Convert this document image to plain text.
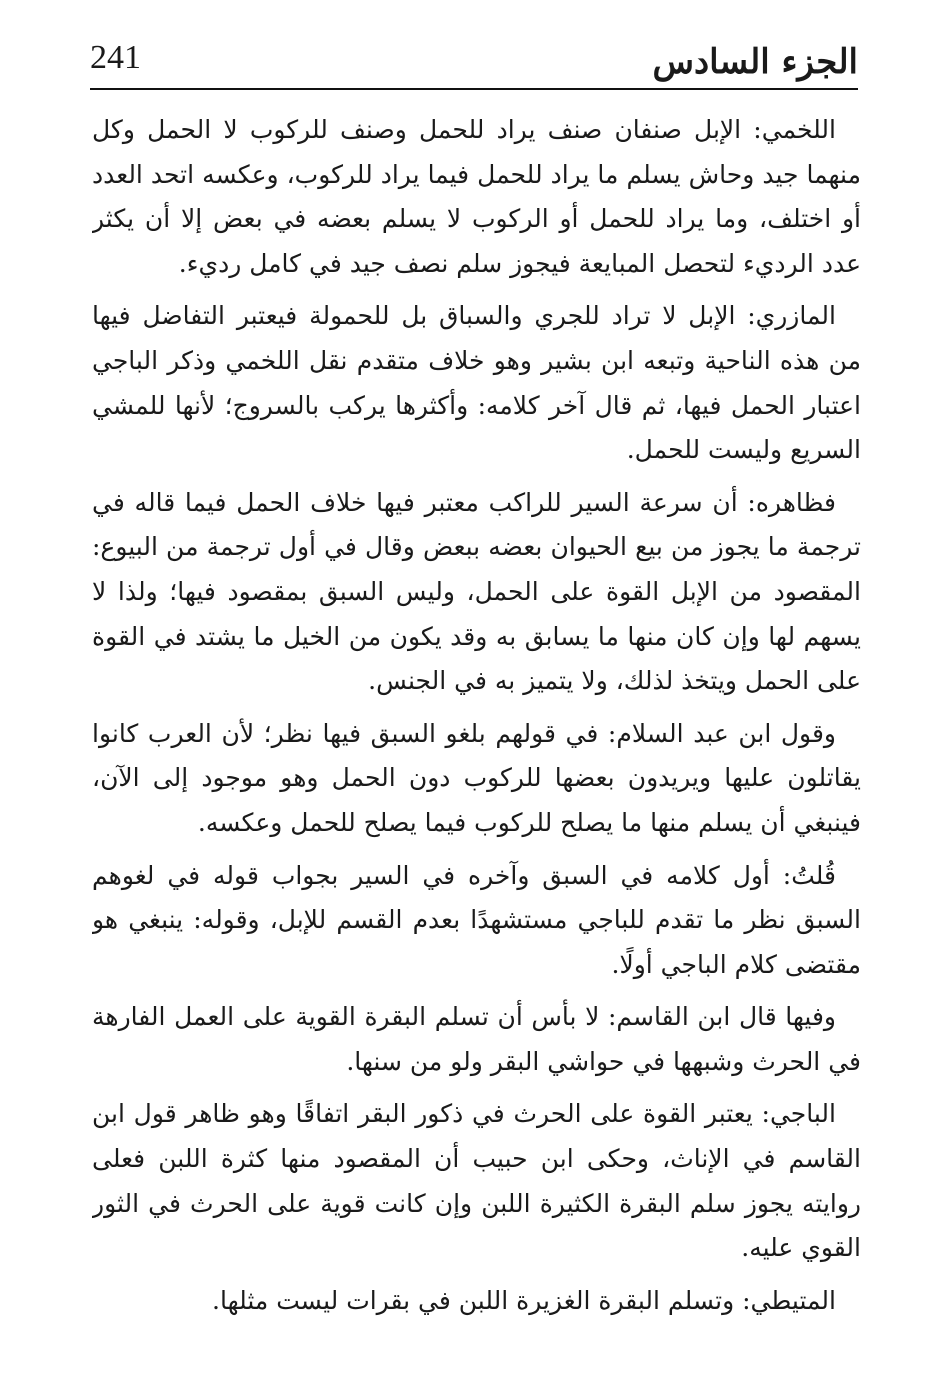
الجزء السادس
241

اللخمي: الإبل صنفان صنف يراد للحمل وصنف للركوب لا الحمل وكل منهما جيد وحاش يسلم ما يراد للحمل فيما يراد للركوب، وعكسه اتحد العدد أو اختلف، وما يراد للحمل أو الركوب لا يسلم بعضه في بعض إلا أن يكثر عدد الرديء لتحصل المبايعة فيجوز سلم نصف جيد في كامل رديء.

المازري: الإبل لا تراد للجري والسباق بل للحمولة فيعتبر التفاضل فيها من هذه الناحية وتبعه ابن بشير وهو خلاف متقدم نقل اللخمي وذكر الباجي اعتبار الحمل فيها، ثم قال آخر كلامه: وأكثرها يركب بالسروج؛ لأنها للمشي السريع وليست للحمل.

فظاهره: أن سرعة السير للراكب معتبر فيها خلاف الحمل فيما قاله في ترجمة ما يجوز من بيع الحيوان بعضه ببعض وقال في أول ترجمة من البيوع: المقصود من الإبل القوة على الحمل، وليس السبق بمقصود فيها؛ ولذا لا يسهم لها وإن كان منها ما يسابق به وقد يكون من الخيل ما يشتد في القوة على الحمل ويتخذ لذلك، ولا يتميز به في الجنس.

وقول ابن عبد السلام: في قولهم بلغو السبق فيها نظر؛ لأن العرب كانوا يقاتلون عليها ويريدون بعضها للركوب دون الحمل وهو موجود إلى الآن، فينبغي أن يسلم منها ما يصلح للركوب فيما يصلح للحمل وعكسه.

قُلتُ: أول كلامه في السبق وآخره في السير بجواب قوله في لغوهم السبق نظر ما تقدم للباجي مستشهدًا بعدم القسم للإبل، وقوله: ينبغي هو مقتضى كلام الباجي أولًا.

وفيها قال ابن القاسم: لا بأس أن تسلم البقرة القوية على العمل الفارهة في الحرث وشبهها في حواشي البقر ولو من سنها.

الباجي: يعتبر القوة على الحرث في ذكور البقر اتفاقًا وهو ظاهر قول ابن القاسم في الإناث، وحكى ابن حبيب أن المقصود منها كثرة اللبن فعلى روايته يجوز سلم البقرة الكثيرة اللبن وإن كانت قوية على الحرث في الثور القوي عليه.

المتيطي: وتسلم البقرة الغزيرة اللبن في بقرات ليست مثلها.
